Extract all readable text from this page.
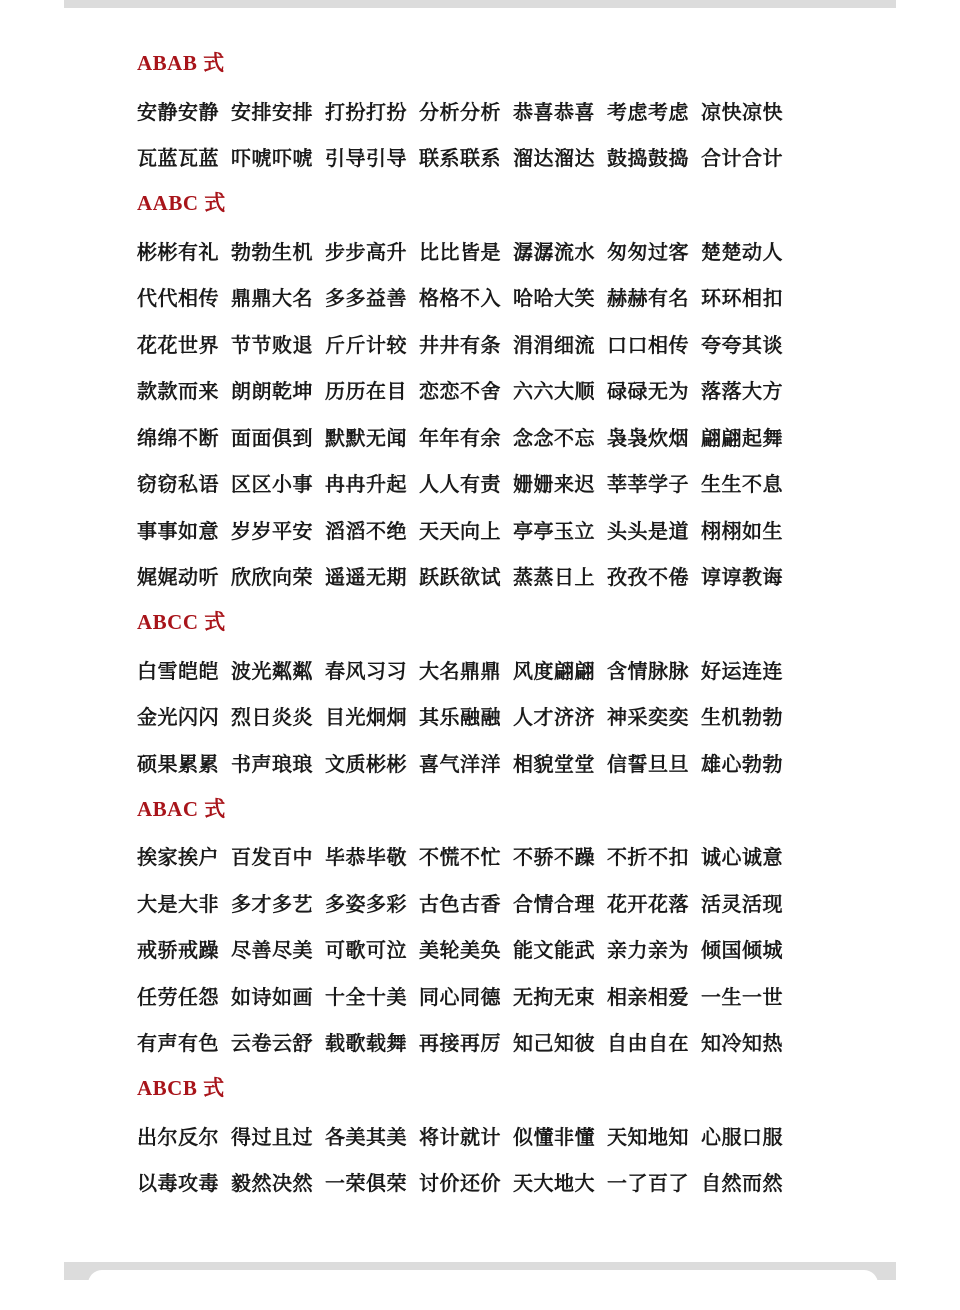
ABAB 式
安静安静 安排安排 打扮打扮 分析分析 恭喜恭喜 考虑考虑 凉快凉快
瓦蓝瓦蓝 吓唬吓唬 引导引导 联系联系 溜达溜达 鼓捣鼓捣 合计合计
AABC 式
彬彬有礼 勃勃生机 步步高升 比比皆是 潺潺流水 匆匆过客 楚楚动人
代代相传 鼎鼎大名 多多益善 格格不入 哈哈大笑 赫赫有名 环环相扣
花花世界 节节败退 斤斤计较 井井有条 涓涓细流 口口相传 夸夸其谈
款款而来 朗朗乾坤 历历在目 恋恋不舍 六六大顺 碌碌无为 落落大方
绵绵不断 面面俱到 默默无闻 年年有余 念念不忘 袅袅炊烟 翩翩起舞
窃窃私语 区区小事 冉冉升起 人人有责 姗姗来迟 莘莘学子 生生不息
事事如意 岁岁平安 滔滔不绝 天天向上 亭亭玉立 头头是道 栩栩如生
娓娓动听 欣欣向荣 遥遥无期 跃跃欲试 蒸蒸日上 孜孜不倦 谆谆教诲
ABCC 式
白雪皑皑 波光粼粼 春风习习 大名鼎鼎 风度翩翩 含情脉脉 好运连连
金光闪闪 烈日炎炎 目光炯炯 其乐融融 人才济济 神采奕奕 生机勃勃
硕果累累 书声琅琅 文质彬彬 喜气洋洋 相貌堂堂 信誓旦旦 雄心勃勃
ABAC 式
挨家挨户 百发百中 毕恭毕敬 不慌不忙 不骄不躁 不折不扣 诚心诚意
大是大非 多才多艺 多姿多彩 古色古香 合情合理 花开花落 活灵活现
戒骄戒躁 尽善尽美 可歌可泣 美轮美奂 能文能武 亲力亲为 倾国倾城
任劳任怨 如诗如画 十全十美 同心同德 无拘无束 相亲相爱 一生一世
有声有色 云卷云舒 载歌载舞 再接再厉 知己知彼 自由自在 知冷知热
ABCB 式
出尔反尔 得过且过 各美其美 将计就计 似懂非懂 天知地知 心服口服
以毒攻毒 毅然决然 一荣俱荣 讨价还价 天大地大 一了百了 自然而然
